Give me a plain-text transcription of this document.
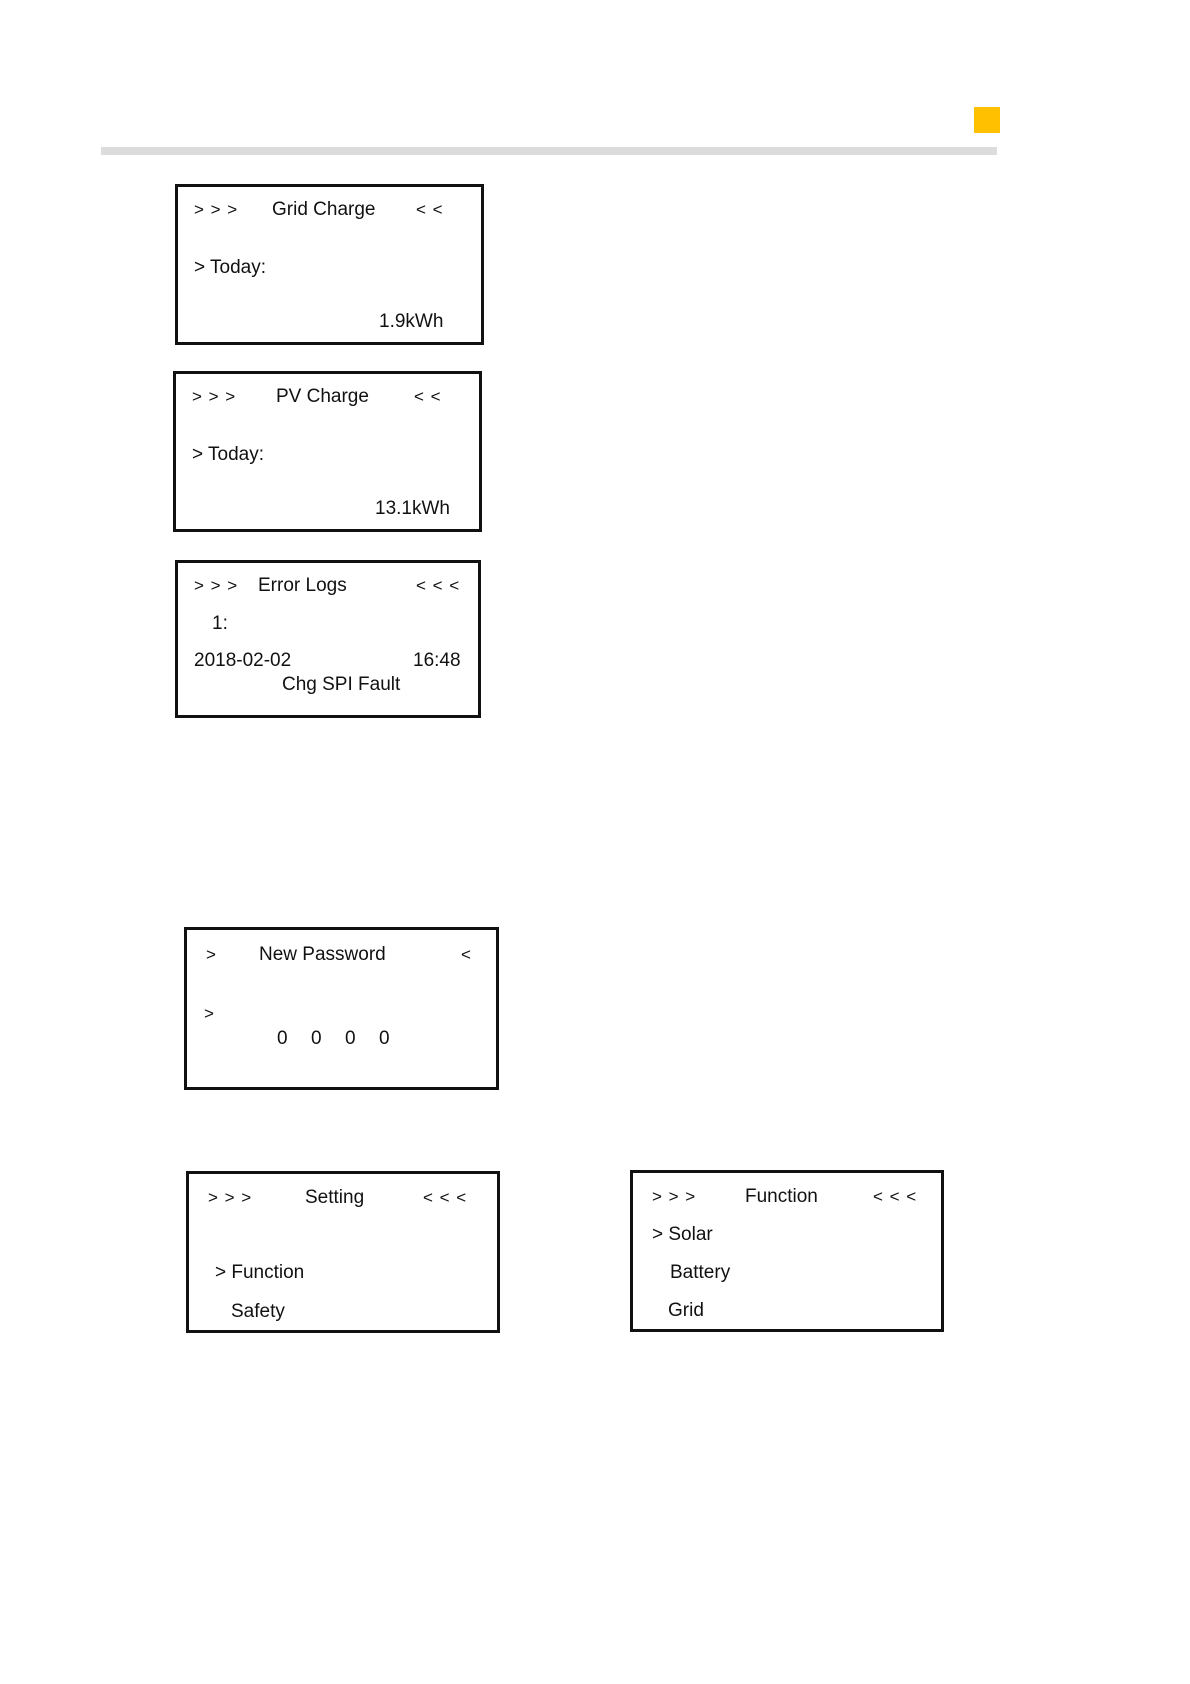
> > > Grid Charge < <
> Today:
1.9kWh
> > > PV Charge	< <
> Today:
13.1kWh
> > > Error Logs	< < <
1:
2018-02-02	16:48
Chg SPI Fault
> New Password	<
>
0 0 0 0
> > >	Setting	< < <
> Function
Safety
> > >	Function	< < <
> Solar
Battery
Grid
